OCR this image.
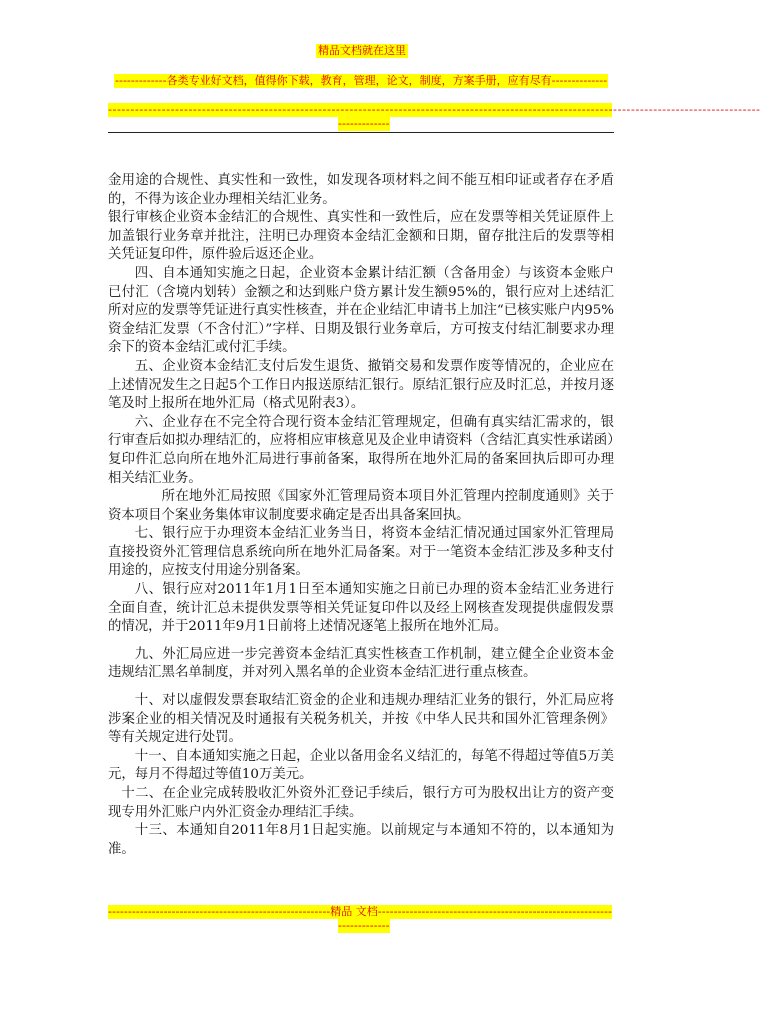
精品文档就在这里
-------------各类专业好文档，值得你下载，教育，管理，论文，制度，方案手册，应有尽有--------------
--------------------------------------------------------------------------------------------------------------------------------------------------
-------------

金用途的合规性、真实性和一致性，如发现各项材料之间不能互相印证或者存在矛盾的，不得为该企业办理相关结汇业务。

银行审核企业资本金结汇的合规性、真实性和一致性后，应在发票等相关凭证原件上加盖银行业务章并批注，注明已办理资本金结汇金额和日期，留存批注后的发票等相关凭证复印件，原件验后返还企业。

四、自本通知实施之日起，企业资本金累计结汇额（含备用金）与该资本金账户已付汇（含境内划转）金额之和达到账户贷方累计发生额95%的，银行应对上述结汇所对应的发票等凭证进行真实性核查，并在企业结汇申请书上加注“已核实账户内95%资金结汇发票（不含付汇）”字样、日期及银行业务章后，方可按支付结汇制要求办理余下的资本金结汇或付汇手续。

五、企业资本金结汇支付后发生退货、撤销交易和发票作废等情况的，企业应在上述情况发生之日起5个工作日内报送原结汇银行。原结汇银行应及时汇总，并按月逐笔及时上报所在地外汇局（格式见附表3）。

六、企业存在不完全符合现行资本金结汇管理规定，但确有真实结汇需求的，银行审查后如拟办理结汇的，应将相应审核意见及企业申请资料（含结汇真实性承诺函）复印件汇总向所在地外汇局进行事前备案，取得所在地外汇局的备案回执后即可办理相关结汇业务。

所在地外汇局按照《国家外汇管理局资本项目外汇管理内控制度通则》关于资本项目个案业务集体审议制度要求确定是否出具备案回执。

七、银行应于办理资本金结汇业务当日，将资本金结汇情况通过国家外汇管理局直接投资外汇管理信息系统向所在地外汇局备案。对于一笔资本金结汇涉及多种支付用途的，应按支付用途分别备案。

八、银行应对2011年1月1日至本通知实施之日前已办理的资本金结汇业务进行全面自查，统计汇总未提供发票等相关凭证复印件以及经上网核查发现提供虚假发票的情况，并于2011年9月1日前将上述情况逐笔上报所在地外汇局。

九、外汇局应进一步完善资本金结汇真实性核查工作机制，建立健全企业资本金违规结汇黑名单制度，并对列入黑名单的企业资本金结汇进行重点核查。

十、对以虚假发票套取结汇资金的企业和违规办理结汇业务的银行，外汇局应将涉案企业的相关情况及时通报有关税务机关，并按《中华人民共和国外汇管理条例》等有关规定进行处罚。

十一、自本通知实施之日起，企业以备用金名义结汇的，每笔不得超过等值5万美元，每月不得超过等值10万美元。

十二、在企业完成转股收汇外资外汇登记手续后，银行方可为股权出让方的资产变现专用外汇账户内外汇资金办理结汇手续。

十三、本通知自2011年8月1日起实施。以前规定与本通知不符的，以本通知为准。

--------------------------------------------------------精品 文档-----------------------------------------------------------
-------------
